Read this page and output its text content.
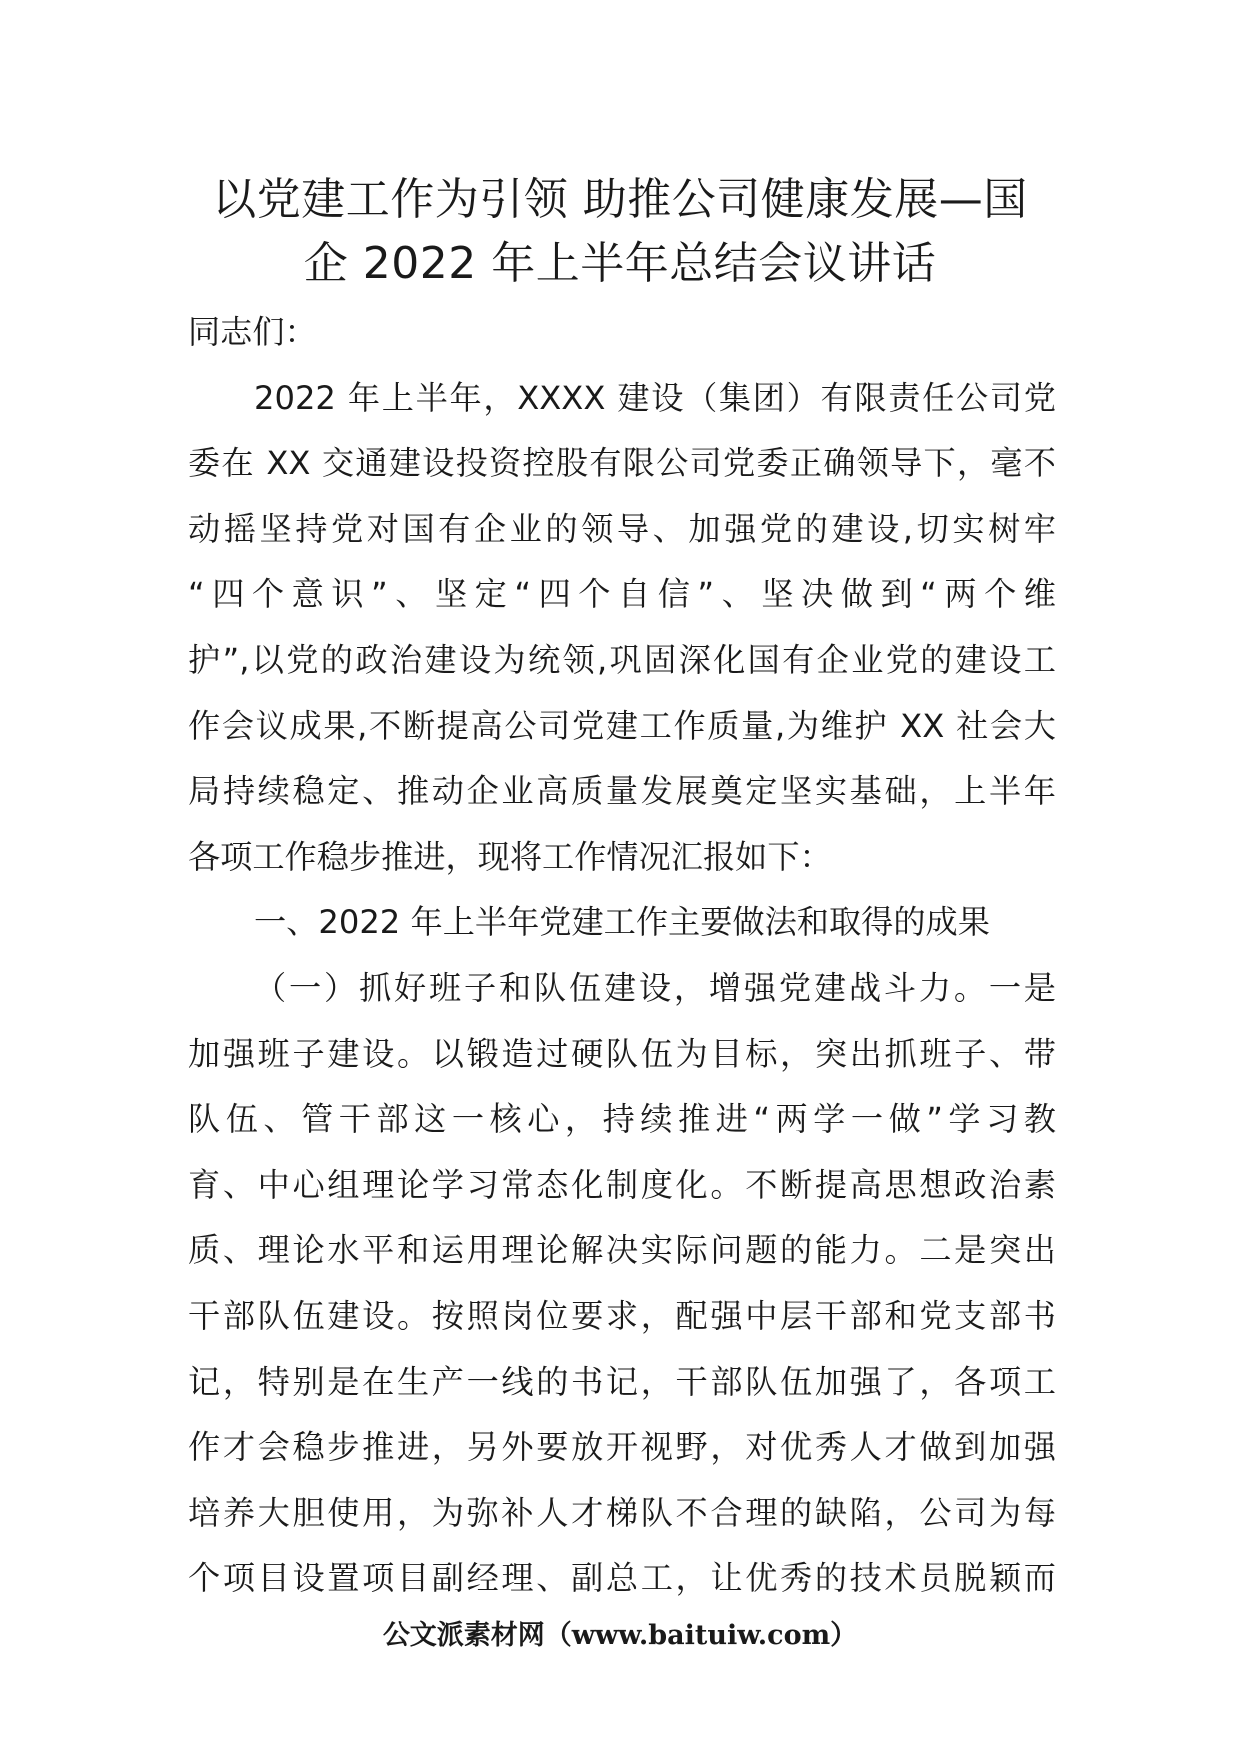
以党建工作为引领 助推公司健康发展—国
企 2022 年上半年总结会议讲话
同志们：
2022 年上半年，XXXX 建设（集团）有限责任公司党
委在 XX 交通建设投资控股有限公司党委正确领导下，毫不
动摇坚持党对国有企业的领导、加强党的建设,切实树牢
“四个意识”、坚定“四个自信”、坚决做到“两个维
护”,以党的政治建设为统领,巩固深化国有企业党的建设工
作会议成果,不断提高公司党建工作质量,为维护 XX 社会大
局持续稳定、推动企业高质量发展奠定坚实基础，上半年
各项工作稳步推进，现将工作情况汇报如下：
一、2022 年上半年党建工作主要做法和取得的成果
（一）抓好班子和队伍建设，增强党建战斗力。一是
加强班子建设。以锻造过硬队伍为目标，突出抓班子、带
队伍、管干部这一核心，持续推进“两学一做”学习教
育、中心组理论学习常态化制度化。不断提高思想政治素
质、理论水平和运用理论解决实际问题的能力。二是突出
干部队伍建设。按照岗位要求，配强中层干部和党支部书
记，特别是在生产一线的书记，干部队伍加强了，各项工
作才会稳步推进，另外要放开视野，对优秀人才做到加强
培养大胆使用，为弥补人才梯队不合理的缺陷，公司为每
个项目设置项目副经理、副总工，让优秀的技术员脱颖而
公文派素材网（www.baituiw.com）
